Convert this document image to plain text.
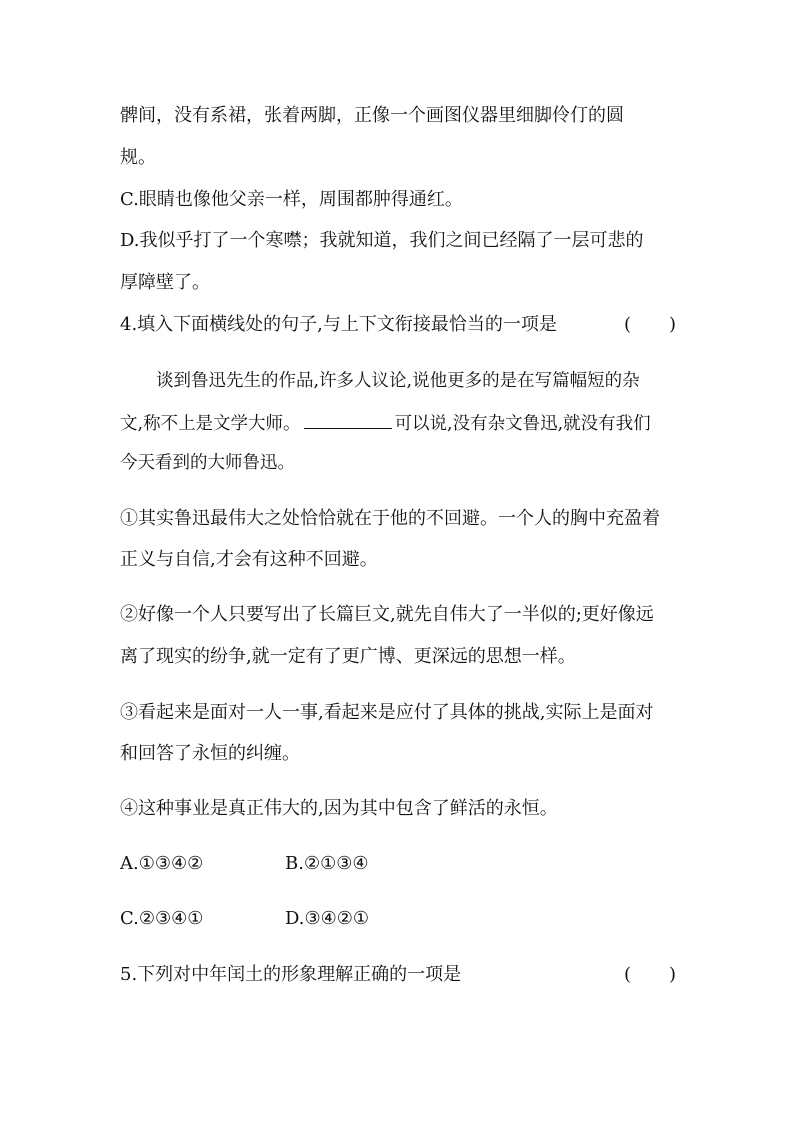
髀间，没有系裙，张着两脚，正像一个画图仪器里细脚伶仃的圆
规。
C.眼睛也像他父亲一样，周围都肿得通红。
D.我似乎打了一个寒噤；我就知道，我们之间已经隔了一层可悲的
厚障壁了。
4.填入下面横线处的句子,与上下文衔接最恰当的一项是	( )
谈到鲁迅先生的作品,许多人议论,说他更多的是在写篇幅短的杂
文,称不上是文学大师。	可以说,没有杂文鲁迅,就没有我们
今天看到的大师鲁迅。
①其实鲁迅最伟大之处恰恰就在于他的不回避。一个人的胸中充盈着
正义与自信,才会有这种不回避。
②好像一个人只要写出了长篇巨文,就先自伟大了一半似的;更好像远
离了现实的纷争,就一定有了更广博、更深远的思想一样。
③看起来是面对一人一事,看起来是应付了具体的挑战,实际上是面对
和回答了永恒的纠缠。
④这种事业是真正伟大的,因为其中包含了鲜活的永恒。
A.①③④②	B.②①③④
C.②③④①	D.③④②①
5.下列对中年闰土的形象理解正确的一项是	( )
